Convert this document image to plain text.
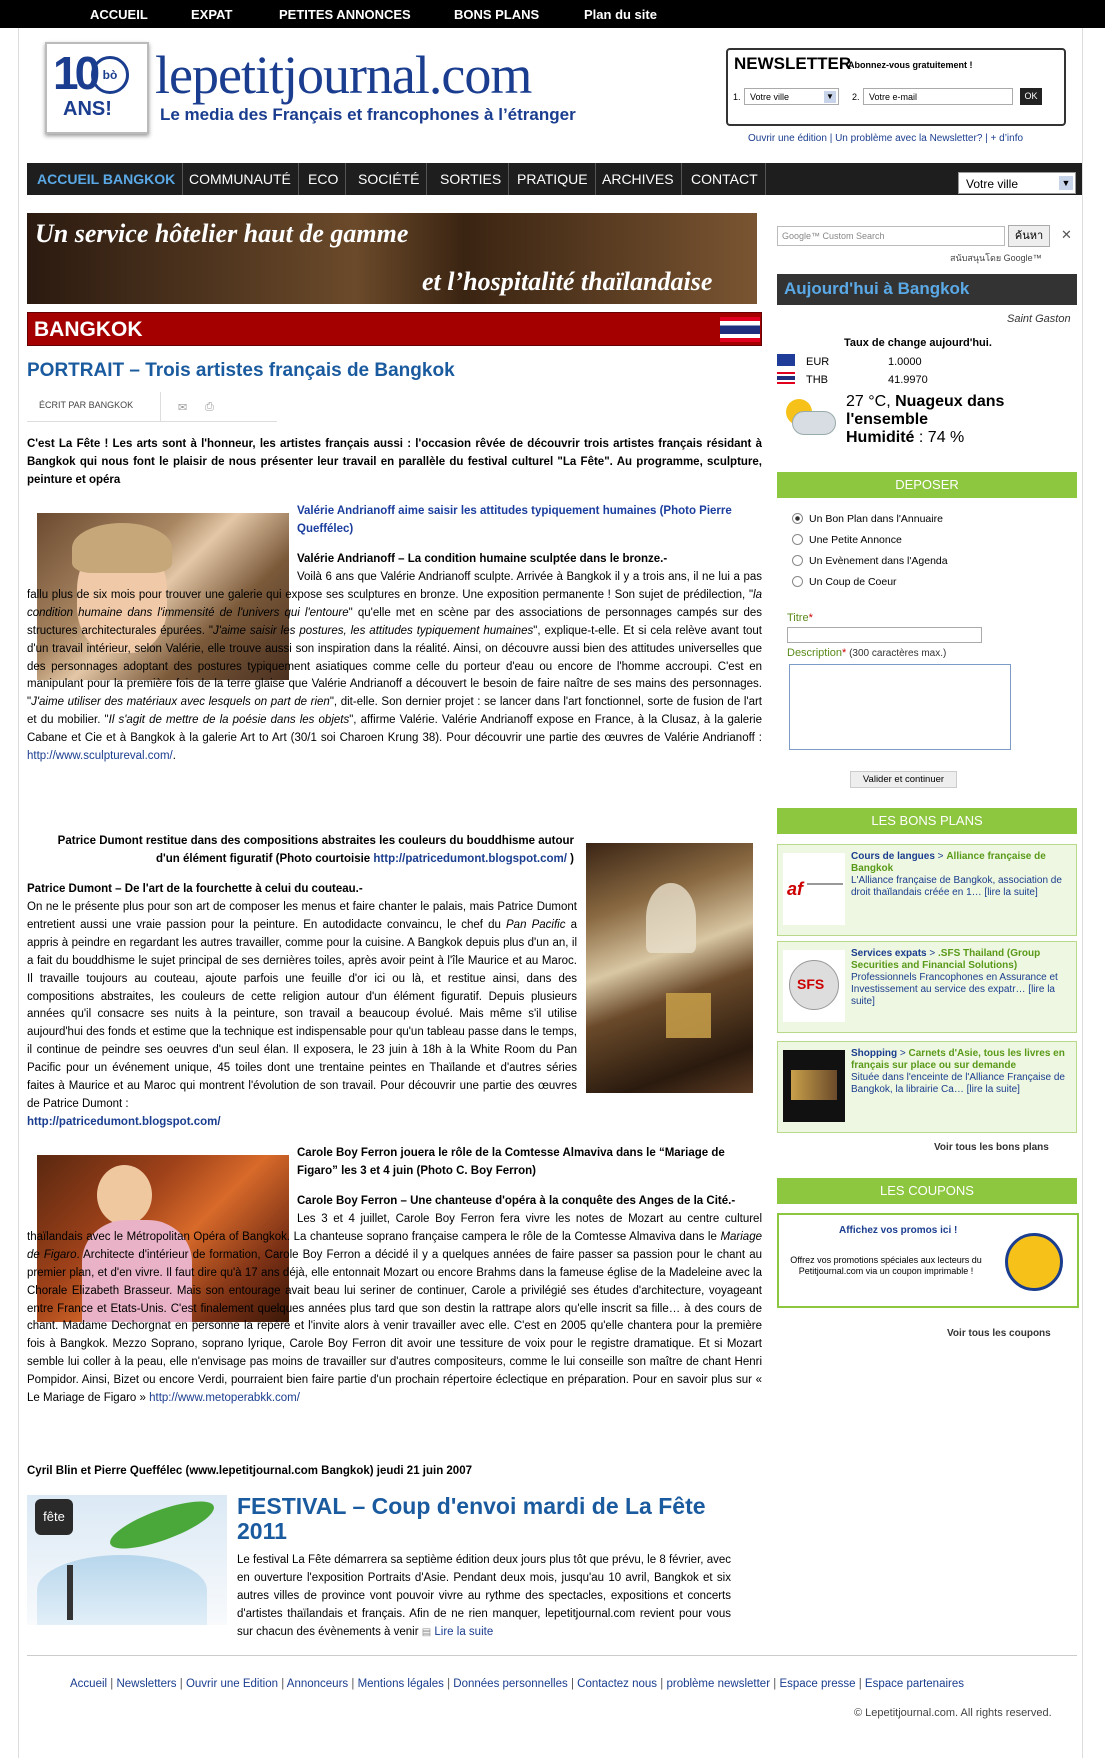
ACCUEIL	EXPAT	PETITES ANNONCES	BONS PLANS	Plan du site
10 bò
ANS!
lepetitjournal.com
Le media des Français et francophones à l’étranger
NEWSLETTER
Abonnez-vous gratuitement !
1.	Votre ville	▼ 2.	Votre e-mail	OK
Ouvrir une édition | Un problème avec la Newsletter? | + d’info
ACCUEIL BANGKOK COMMUNAUTÉ	ECO	SOCIÉTÉ	SORTIES	PRATIQUE	ARCHIVES	CONTACT	Votre ville	▼
Un service hôtelier haut de gamme
et l’hospitalité thaïlandaise
BANGKOK
PORTRAIT – Trois artistes français de Bangkok
ÉCRIT PAR BANGKOK	✉	⎙
C'est La Fête ! Les arts sont à l'honneur, les artistes français aussi : l'occasion rêvée de découvrir trois artistes français résidant à Bangkok qui nous font le plaisir de nous présenter leur travail en parallèle du festival culturel "La Fête". Au programme, sculpture, peinture et opéra
Valérie Andrianoff aime saisir les attitudes typiquement humaines (Photo Pierre Queffélec)
Valérie Andrianoff – La condition humaine sculptée dans le bronze.-
Voilà 6 ans que Valérie Andrianoff sculpte. Arrivée à Bangkok il y a trois ans, il ne lui a pas fallu plus de six mois pour trouver une galerie qui expose ses sculptures en bronze. Une exposition permanente ! Son sujet de prédilection, "la condition humaine dans l'immensité de l'univers qui l'entoure" qu'elle met en scène par des associations de personnages campés sur des structures architecturales épurées. "J'aime saisir les postures, les attitudes typiquement humaines", explique-t-elle. Et si cela relève avant tout d'un travail intérieur, selon Valérie, elle trouve aussi son inspiration dans la réalité. Ainsi, on découvre aussi bien des attitudes universelles que des personnages adoptant des postures typiquement asiatiques comme celle du porteur d'eau ou encore de l'homme accroupi. C'est en manipulant pour la première fois de la terre glaise que Valérie Andrianoff a découvert le besoin de faire naître de ses mains des personnages. "J'aime utiliser des matériaux avec lesquels on part de rien", dit-elle. Son dernier projet : se lancer dans l'art fonctionnel, sorte de fusion de l'art et du mobilier. "Il s'agit de mettre de la poésie dans les objets", affirme Valérie. Valérie Andrianoff expose en France, à la Clusaz, à la galerie Cabane et Cie et à Bangkok à la galerie Art to Art (30/1 soi Charoen Krung 38). Pour découvrir une partie des œuvres de Valérie Andrianoff : http://www.sculptureval.com/.
Patrice Dumont restitue dans des compositions abstraites les couleurs du bouddhisme autour d'un élément figuratif (Photo courtoisie http://patricedumont.blogspot.com/ )
Patrice Dumont – De l'art de la fourchette à celui du couteau.-
On ne le présente plus pour son art de composer les menus et faire chanter le palais, mais Patrice Dumont entretient aussi une vraie passion pour la peinture. En autodidacte convaincu, le chef du Pan Pacific a appris à peindre en regardant les autres travailler, comme pour la cuisine. A Bangkok depuis plus d'un an, il a fait du bouddhisme le sujet principal de ses dernières toiles, après avoir peint à l'île Maurice et au Maroc. Il travaille toujours au couteau, ajoute parfois une feuille d'or ici ou là, et restitue ainsi, dans des compositions abstraites, les couleurs de cette religion autour d'un élément figuratif. Depuis plusieurs années qu'il consacre ses nuits à la peinture, son travail a beaucoup évolué. Mais même s'il utilise aujourd'hui des fonds et estime que la technique est indispensable pour qu'un tableau passe dans le temps, il continue de peindre ses oeuvres d'un seul élan. Il exposera, le 23 juin à 18h à la White Room du Pan Pacific pour un événement unique, 45 toiles dont une trentaine peintes en Thaïlande et d'autres séries faites à Maurice et au Maroc qui montrent l'évolution de son travail. Pour découvrir une partie des œuvres de Patrice Dumont :
http://patricedumont.blogspot.com/
Carole Boy Ferron jouera le rôle de la Comtesse Almaviva dans le “Mariage de Figaro” les 3 et 4 juin (Photo C. Boy Ferron)
Carole Boy Ferron – Une chanteuse d'opéra à la conquête des Anges de la Cité.-
Les 3 et 4 juillet, Carole Boy Ferron fera vivre les notes de Mozart au centre culturel thaïlandais avec le Métropolitan Opéra of Bangkok. La chanteuse soprano française campera le rôle de la Comtesse Almaviva dans le Mariage de Figaro. Architecte d'intérieur de formation, Carole Boy Ferron a décidé il y a quelques années de faire passer sa passion pour le chant au premier plan, et d'en vivre. Il faut dire qu'à 17 ans déjà, elle entonnait Mozart ou encore Brahms dans la fameuse église de la Madeleine avec la Chorale Elizabeth Brasseur. Mais son entourage avait beau lui seriner de continuer, Carole a privilégié ses études d'architecture, voyageant entre France et Etats-Unis. C'est finalement quelques années plus tard que son destin la rattrape alors qu'elle inscrit sa fille… à des cours de chant. Madame Dechorgnat en personne la repère et l'invite alors à venir travailler avec elle. C'est en 2005 qu'elle chantera pour la première fois à Bangkok. Mezzo Soprano, soprano lyrique, Carole Boy Ferron dit avoir une tessiture de voix pour le registre dramatique. Et si Mozart semble lui coller à la peau, elle n'envisage pas moins de travailler sur d'autres compositeurs, comme le lui conseille son maître de chant Henri Pompidor. Ainsi, Bizet ou encore Verdi, pourraient bien faire partie d'un prochain répertoire éclectique en préparation. Pour en savoir plus sur « Le Mariage de Figaro » http://www.metoperabkk.com/
Cyril Blin et Pierre Queffélec (www.lepetitjournal.com Bangkok) jeudi 21 juin 2007
fête	FESTIVAL – Coup d'envoi mardi de La Fête 2011
Le festival La Fête démarrera sa septième édition deux jours plus tôt que prévu, le 8 février, avec en ouverture l'exposition Portraits d'Asie. Pendant deux mois, jusqu'au 10 avril, Bangkok et six autres villes de province vont pouvoir vivre au rythme des spectacles, expositions et concerts d'artistes thaïlandais et français. Afin de ne rien manquer, lepetitjournal.com revient pour vous sur chacun des évènements à venir ▤ Lire la suite
Google™ Custom Search	ค้นหา	✕
สนับสนุนโดย Google™
Aujourd'hui à Bangkok
Saint Gaston
Taux de change aujourd'hui.
EUR	1.0000
THB	41.9970
27 °C, Nuageux dans l'ensemble
Humidité : 74 %
DEPOSER
Un Bon Plan dans l'Annuaire
Une Petite Annonce
Un Evènement dans l'Agenda
Un Coup de Coeur
Titre*
Description* (300 caractères max.)
Valider et continuer
LES BONS PLANS
af
Cours de langues > Alliance française de Bangkok
L'Alliance française de Bangkok, association de droit thaïlandais créée en 1… [lire la suite]
SFS
Services expats > .SFS Thailand (Group Securities and Financial Solutions)
Professionnels Francophones en Assurance et Investissement au service des expatr… [lire la suite]
Shopping > Carnets d'Asie, tous les livres en français sur place ou sur demande
Située dans l'enceinte de l'Alliance Française de Bangkok, la librairie Ca… [lire la suite]
Voir tous les bons plans
LES COUPONS
Affichez vos promos ici !
Offrez vos promotions spéciales aux lecteurs du Petitjournal.com via un coupon imprimable !
Voir tous les coupons
Accueil | Newsletters | Ouvrir une Edition | Annonceurs | Mentions légales | Données personnelles | Contactez nous | problème newsletter | Espace presse | Espace partenaires
© Lepetitjournal.com. All rights reserved.
